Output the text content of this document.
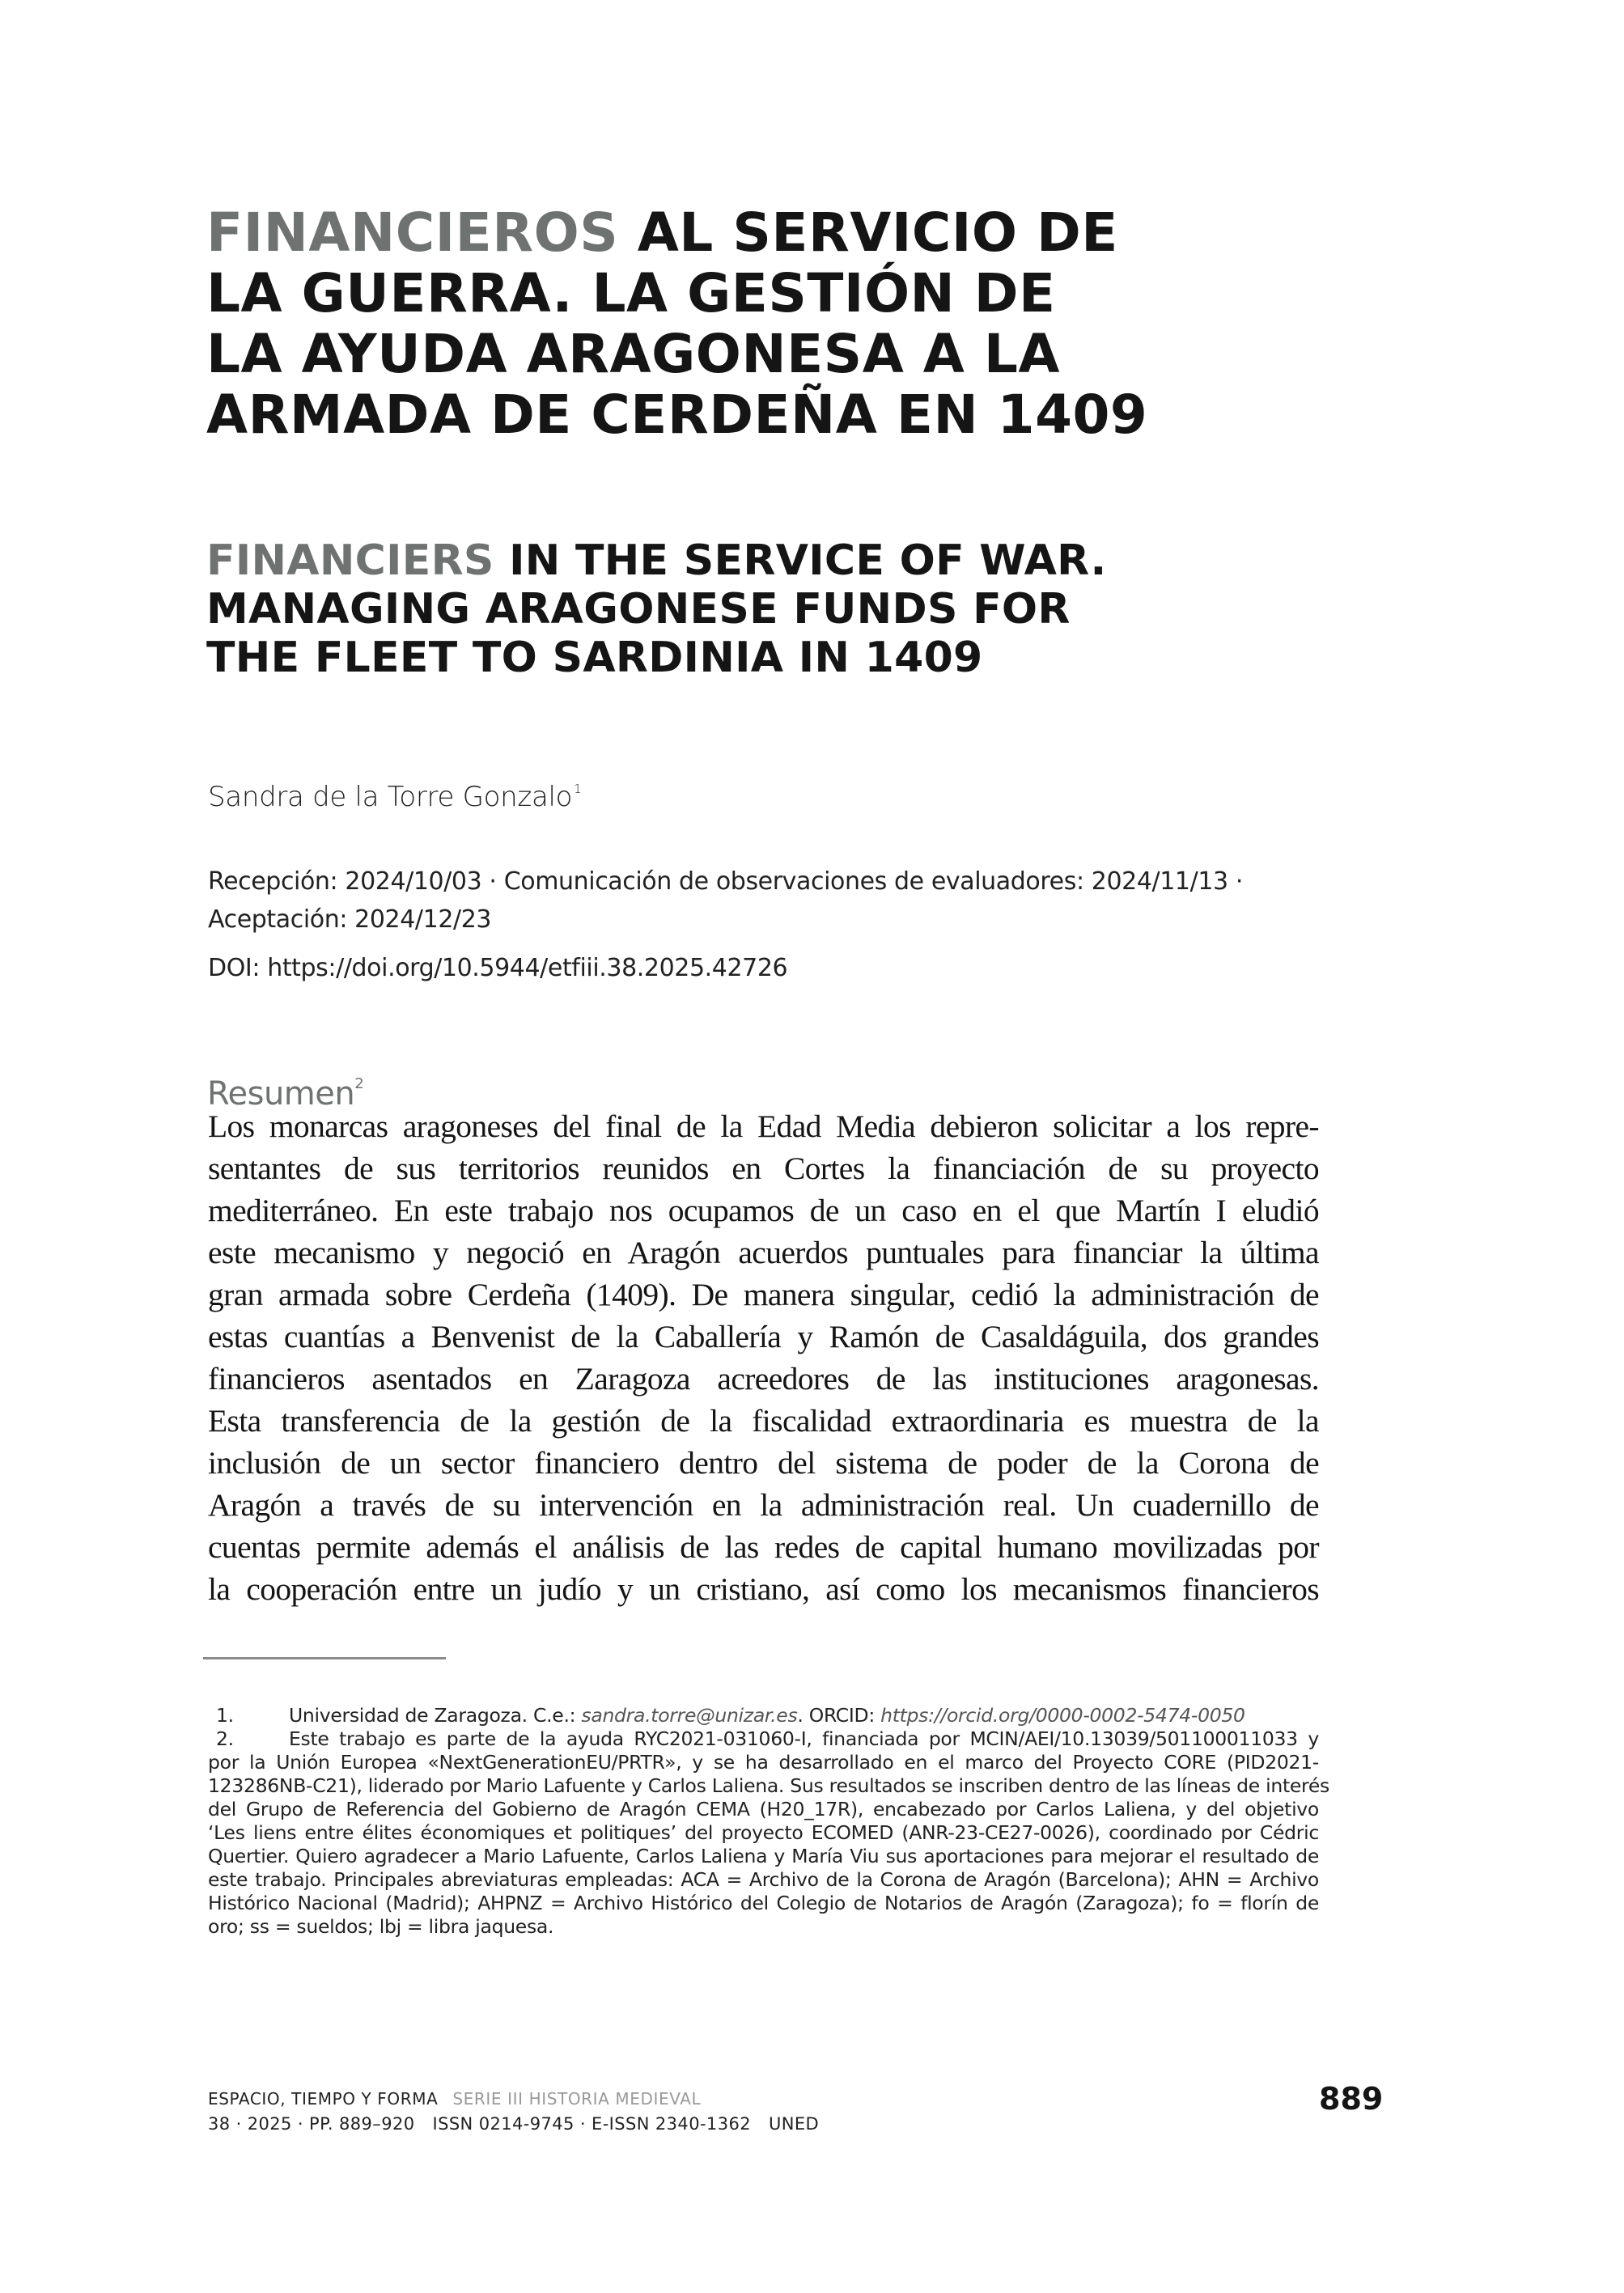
FINANCIEROS AL SERVICIO DE
LA GUERRA. LA GESTIÓN DE
LA AYUDA ARAGONESA A LA
ARMADA DE CERDEÑA EN 1409
FINANCIERS IN THE SERVICE OF WAR.
MANAGING ARAGONESE FUNDS FOR
THE FLEET TO SARDINIA IN 1409
Sandra de la Torre Gonzalo $^1$
Recepción: 2024/10/03 · Comunicación de observaciones de evaluadores: 2024/11/13 ·
Aceptación: 2024/12/23
DOI: https://doi.org/10.5944/etfiii.38.2025.42726
Resumen$^2$
Los monarcas aragoneses del final de la Edad Media debieron solicitar a los repre-
sentantes de sus territorios reunidos en Cortes la financiación de su proyecto
mediterráneo. En este trabajo nos ocupamos de un caso en el que Martín I eludió
este mecanismo y negoció en Aragón acuerdos puntuales para financiar la última
gran armada sobre Cerdeña (1409). De manera singular, cedió la administración de
estas cuantías a Benvenist de la Caballería y Ramón de Casaldáguila, dos grandes
financieros asentados en Zaragoza acreedores de las instituciones aragonesas.
Esta transferencia de la gestión de la fiscalidad extraordinaria es muestra de la
inclusión de un sector financiero dentro del sistema de poder de la Corona de
Aragón a través de su intervención en la administración real. Un cuadernillo de
cuentas permite además el análisis de las redes de capital humano movilizadas por
la cooperación entre un judío y un cristiano, así como los mecanismos financieros
1.	Universidad de Zaragoza. C.e.: sandra.torre@unizar.es. ORCID: https://orcid.org/0000-0002-5474-0050
2.	Este trabajo es parte de la ayuda RYC2021-031060-I, financiada por MCIN/AEI/10.13039/501100011033 y
por la Unión Europea «NextGenerationEU/PRTR», y se ha desarrollado en el marco del Proyecto CORE (PID2021-
123286NB-C21), liderado por Mario Lafuente y Carlos Laliena. Sus resultados se inscriben dentro de las líneas de interés
del Grupo de Referencia del Gobierno de Aragón CEMA (H20_17R), encabezado por Carlos Laliena, y del objetivo
‘Les liens entre élites économiques et politiques’ del proyecto ECOMED (ANR-23-CE27-0026), coordinado por Cédric
Quertier. Quiero agradecer a Mario Lafuente, Carlos Laliena y María Viu sus aportaciones para mejorar el resultado de
este trabajo. Principales abreviaturas empleadas: ACA = Archivo de la Corona de Aragón (Barcelona); AHN = Archivo
Histórico Nacional (Madrid); AHPNZ = Archivo Histórico del Colegio de Notarios de Aragón (Zaragoza); fo = florín de
oro; ss = sueldos; lbj = libra jaquesa.
ESPACIO, TIEMPO Y FORMA SERIE III HISTORIA MEDIEVAL
38 · 2025 · PP. 889–920 ISSN 0214-9745 · E-ISSN 2340-1362 UNED
889
